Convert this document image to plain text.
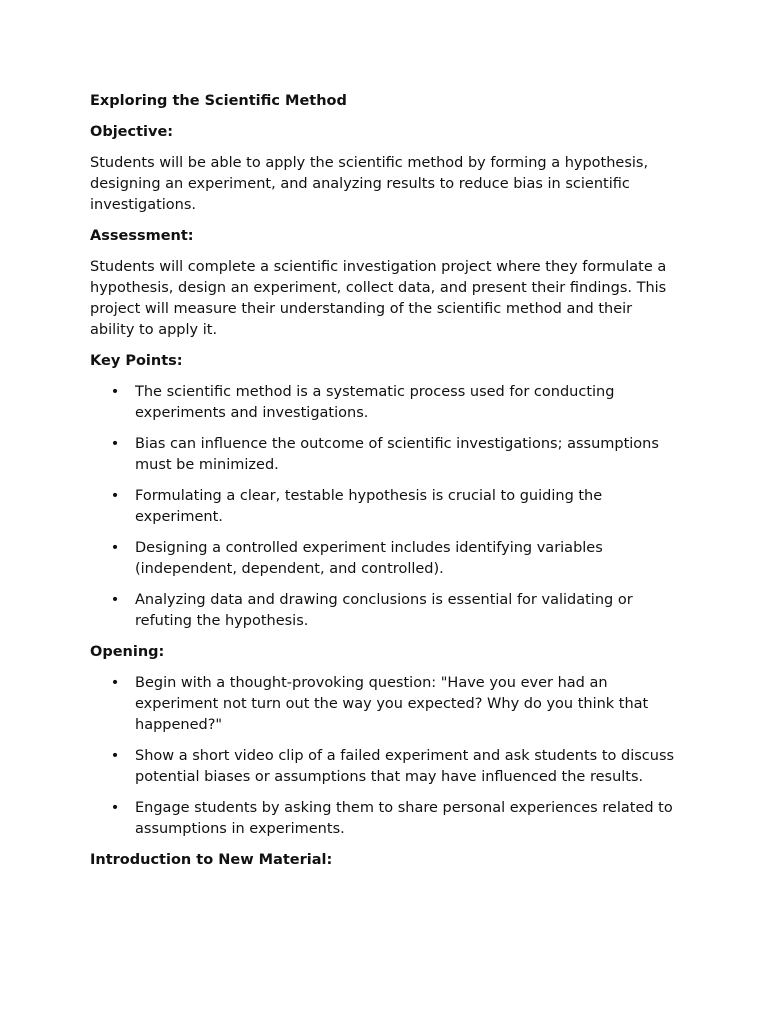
Exploring the Scientific Method
Objective:
Students will be able to apply the scientific method by forming a hypothesis, designing an experiment, and analyzing results to reduce bias in scientific investigations.
Assessment:
Students will complete a scientific investigation project where they formulate a hypothesis, design an experiment, collect data, and present their findings. This project will measure their understanding of the scientific method and their ability to apply it.
Key Points:
• The scientific method is a systematic process used for conducting experiments and investigations.
• Bias can influence the outcome of scientific investigations; assumptions must be minimized.
• Formulating a clear, testable hypothesis is crucial to guiding the experiment.
• Designing a controlled experiment includes identifying variables (independent, dependent, and controlled).
• Analyzing data and drawing conclusions is essential for validating or refuting the hypothesis.
Opening:
• Begin with a thought-provoking question: "Have you ever had an experiment not turn out the way you expected? Why do you think that happened?"
• Show a short video clip of a failed experiment and ask students to discuss potential biases or assumptions that may have influenced the results.
• Engage students by asking them to share personal experiences related to assumptions in experiments.
Introduction to New Material:
